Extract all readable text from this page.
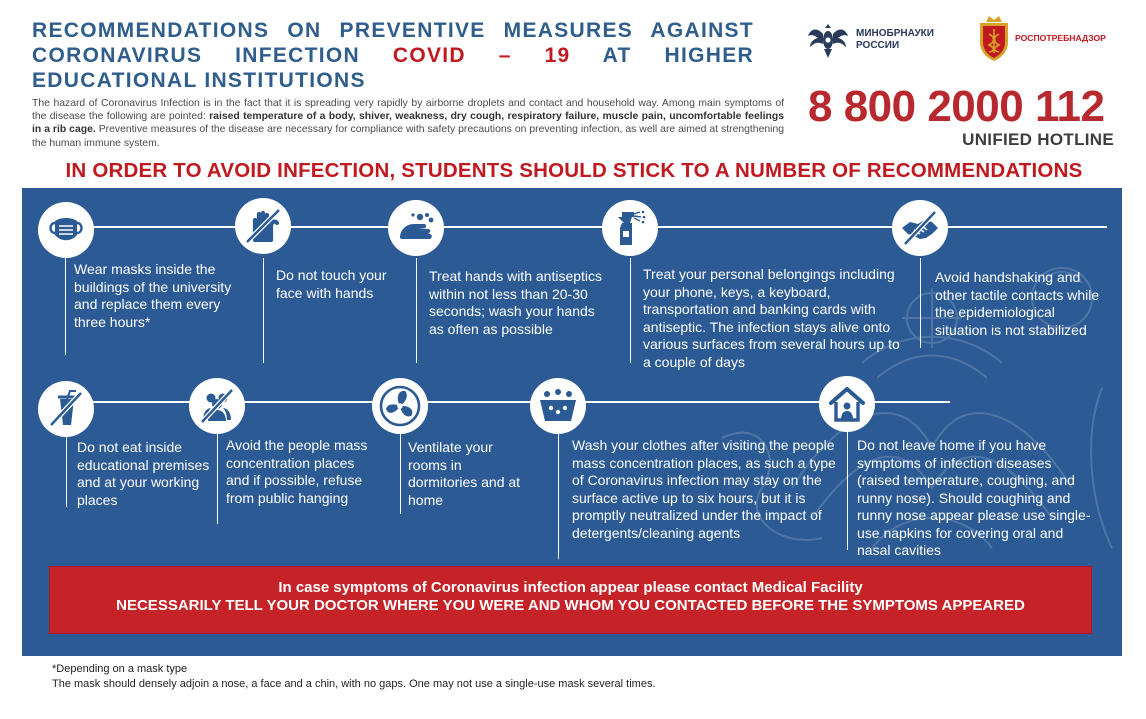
RECOMMENDATIONS ON PREVENTIVE MEASURES AGAINST CORONAVIRUS INFECTION COVID – 19 AT HIGHER EDUCATIONAL INSTITUTIONS
The hazard of Coronavirus Infection is in the fact that it is spreading very rapidly by airborne droplets and contact and household way. Among main symptoms of the disease the following are pointed: raised temperature of a body, shiver, weakness, dry cough, respiratory failure, muscle pain, uncomfortable feelings in a rib cage. Preventive measures of the disease are necessary for compliance with safety precautions on preventing infection, as well are aimed at strengthening the human immune system.
МИНОБРНАУКИ
РОССИИ
РОСПОТРЕБНАДЗОР
8 800 2000 112
UNIFIED HOTLINE
IN ORDER TO AVOID INFECTION, STUDENTS SHOULD STICK TO A NUMBER OF RECOMMENDATIONS
Wear masks inside the buildings of the university and replace them every three hours*
Do not touch your face with hands
Treat hands with antiseptics within not less than 20-30 seconds; wash your hands as often as possible
Treat your personal belongings including your phone, keys, a keyboard, transportation and banking cards with antiseptic. The infection stays alive onto various surfaces from several hours up to a couple of days
Avoid handshaking and other tactile contacts while the epidemiological situation is not stabilized
Do not eat inside educational premises and at your working places
Avoid the people mass concentration places and if possible, refuse from public hanging
Ventilate your rooms in dormitories and at home
Wash your clothes after visiting the people mass concentration places, as such a type of Coronavirus infection may stay on the surface active up to six hours, but it is promptly neutralized under the impact of detergents/cleaning agents
Do not leave home if you have symptoms of infection diseases (raised temperature, coughing, and runny nose). Should coughing and runny nose appear please use single-use napkins for covering oral and nasal cavities
In case symptoms of Coronavirus infection appear please contact Medical Facility
NECESSARILY TELL YOUR DOCTOR WHERE YOU WERE AND WHOM YOU CONTACTED BEFORE THE SYMPTOMS APPEARED
*Depending on a mask type
The mask should densely adjoin a nose, a face and a chin, with no gaps. One may not use a single-use mask several times.
